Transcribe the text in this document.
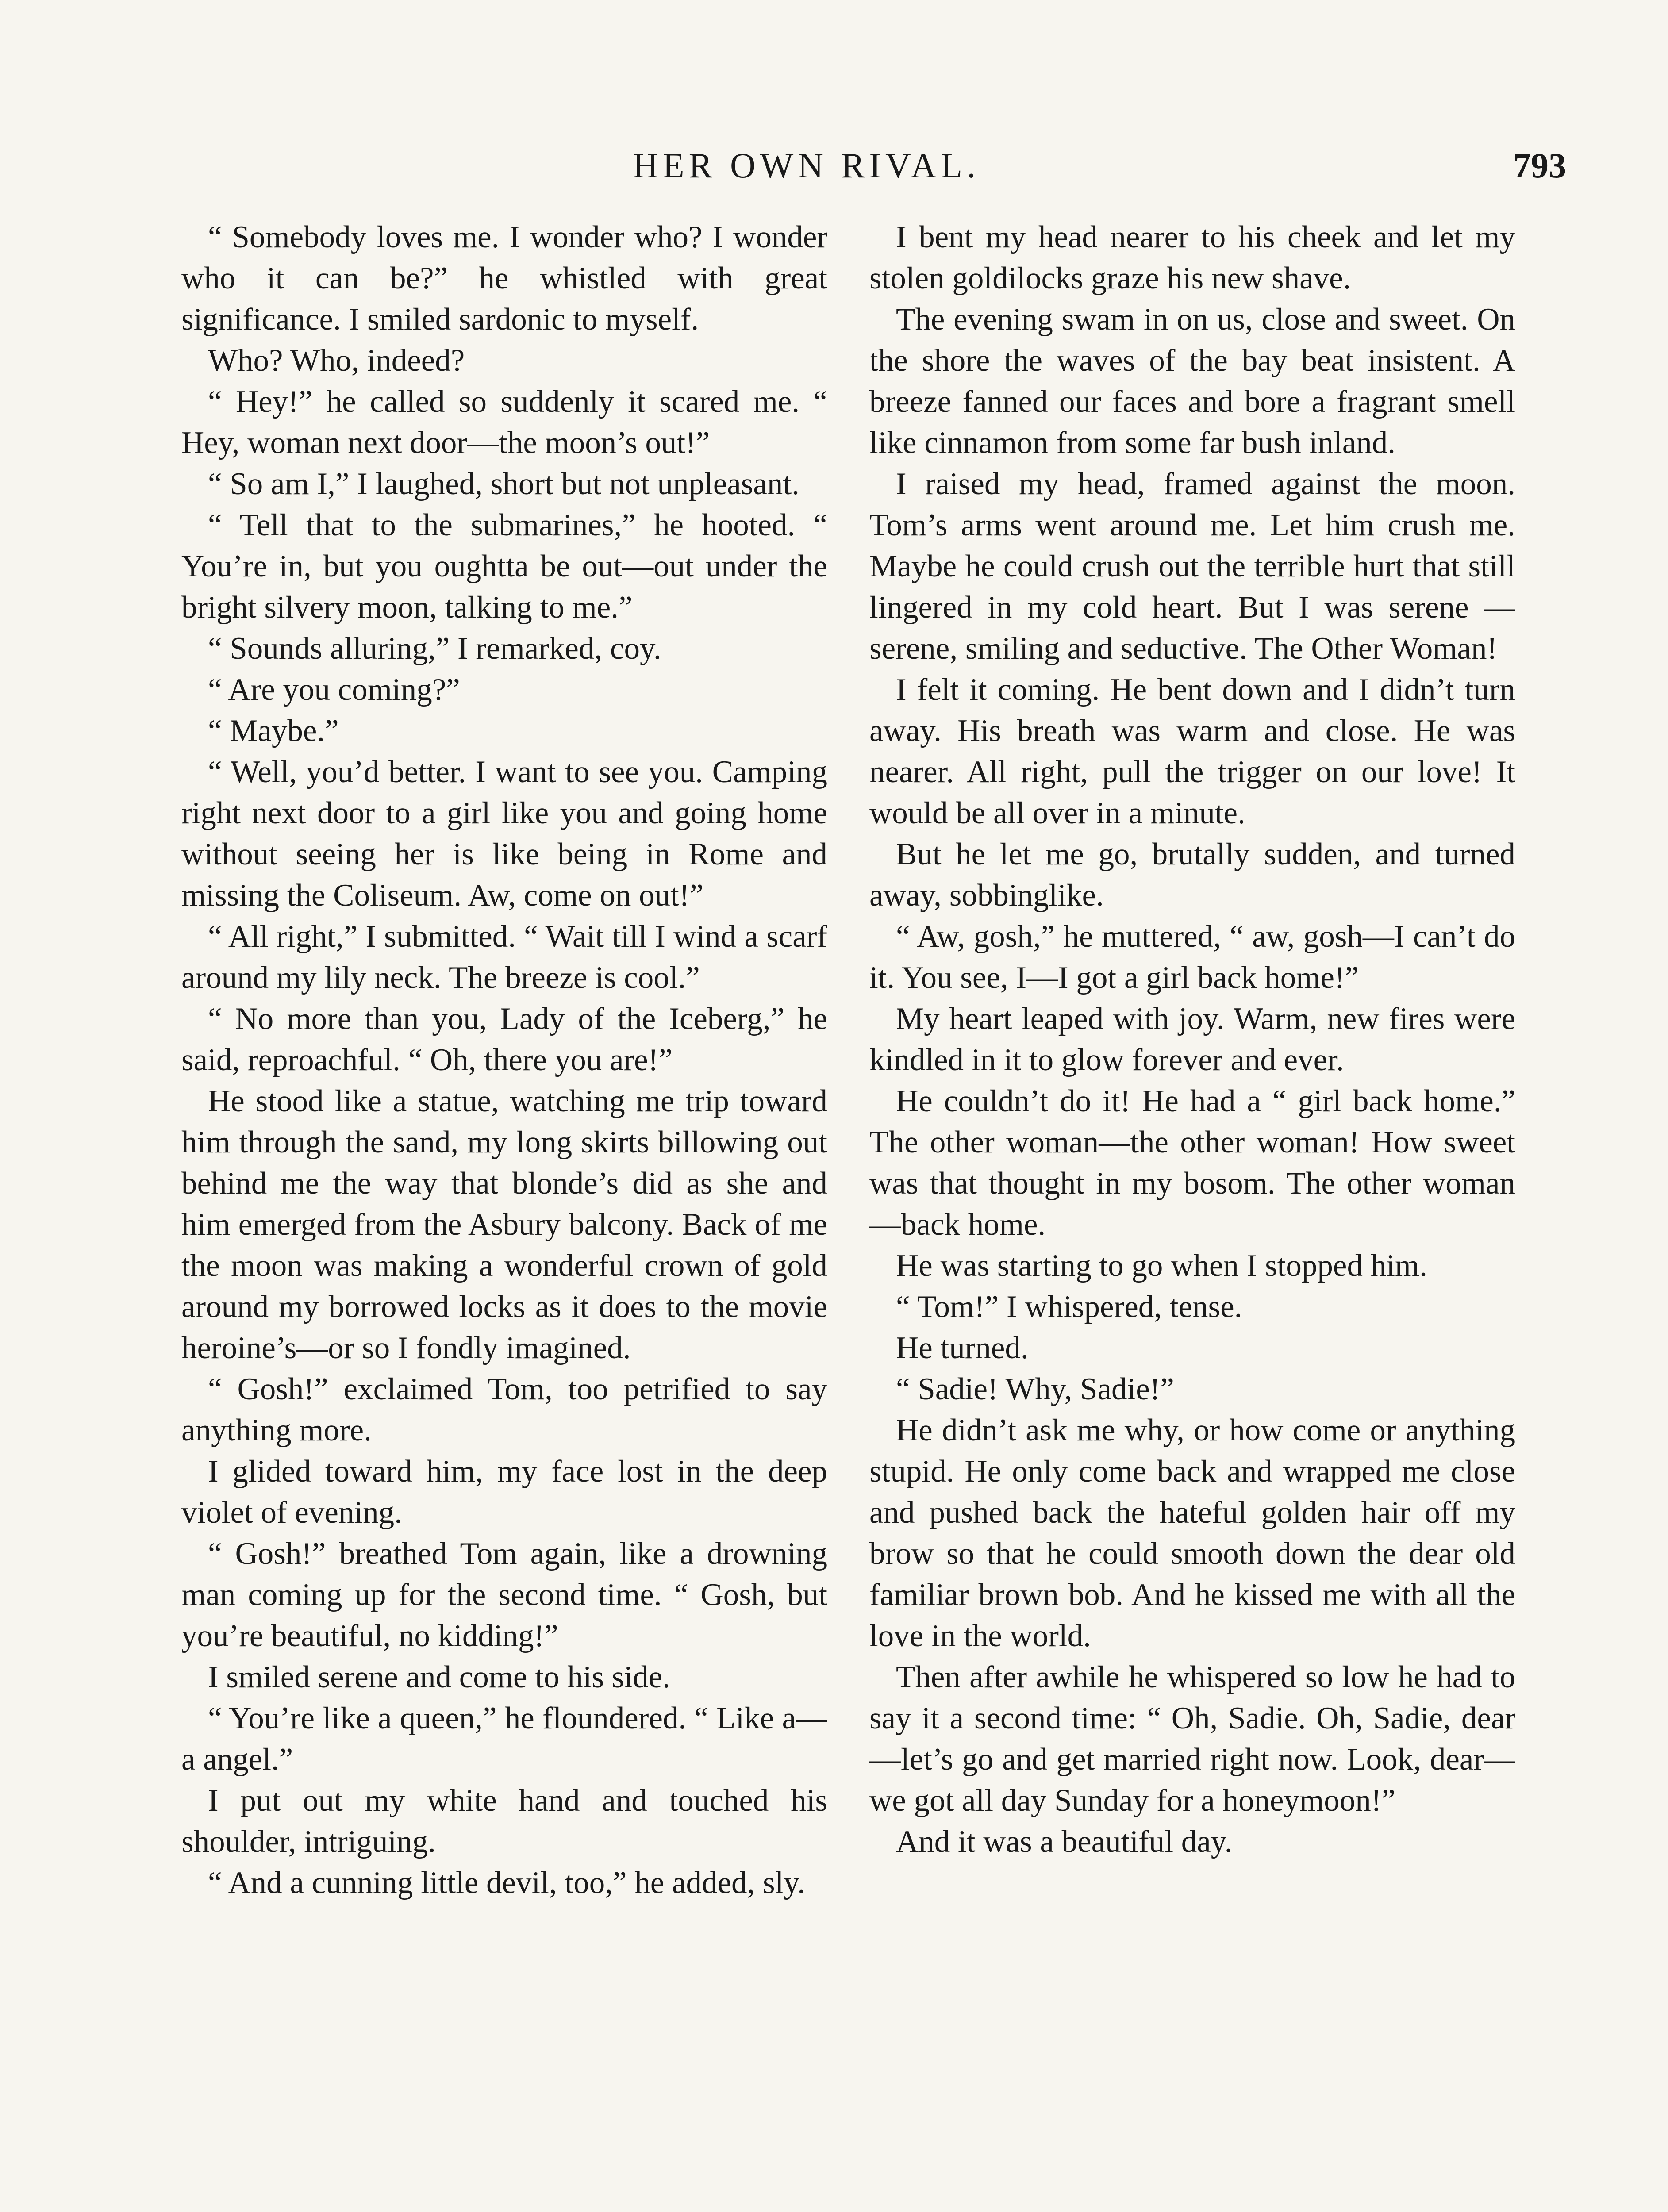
HER OWN RIVAL.	793

“ Somebody loves me. I wonder who? I wonder who it can be?” he whistled with great significance. I smiled sardonic to myself.

Who? Who, indeed?

“ Hey!” he called so suddenly it scared me. “ Hey, woman next door—the moon’s out!”

“ So am I,” I laughed, short but not unpleasant.

“ Tell that to the submarines,” he hooted. “ You’re in, but you oughtta be out—out under the bright silvery moon, talking to me.”

“ Sounds alluring,” I remarked, coy.

“ Are you coming?”

“ Maybe.”

“ Well, you’d better. I want to see you. Camping right next door to a girl like you and going home without seeing her is like being in Rome and missing the Coliseum. Aw, come on out!”

“ All right,” I submitted. “ Wait till I wind a scarf around my lily neck. The breeze is cool.”

“ No more than you, Lady of the Iceberg,” he said, reproachful. “ Oh, there you are!”

He stood like a statue, watching me trip toward him through the sand, my long skirts billowing out behind me the way that blonde’s did as she and him emerged from the Asbury balcony. Back of me the moon was making a wonderful crown of gold around my borrowed locks as it does to the movie heroine’s—or so I fondly imagined.

“ Gosh!” exclaimed Tom, too petrified to say anything more.

I glided toward him, my face lost in the deep violet of evening.

“ Gosh!” breathed Tom again, like a drowning man coming up for the second time. “ Gosh, but you’re beautiful, no kidding!”

I smiled serene and come to his side.

“ You’re like a queen,” he floundered. “ Like a—a angel.”

I put out my white hand and touched his shoulder, intriguing.

“ And a cunning little devil, too,” he added, sly.

I bent my head nearer to his cheek and let my stolen goldilocks graze his new shave.

The evening swam in on us, close and sweet. On the shore the waves of the bay beat insistent. A breeze fanned our faces and bore a fragrant smell like cinnamon from some far bush inland.

I raised my head, framed against the moon. Tom’s arms went around me. Let him crush me. Maybe he could crush out the terrible hurt that still lingered in my cold heart. But I was serene — serene, smiling and seductive. The Other Woman!

I felt it coming. He bent down and I didn’t turn away. His breath was warm and close. He was nearer. All right, pull the trigger on our love! It would be all over in a minute.

But he let me go, brutally sudden, and turned away, sobbinglike.

“ Aw, gosh,” he muttered, “ aw, gosh—I can’t do it. You see, I—I got a girl back home!”

My heart leaped with joy. Warm, new fires were kindled in it to glow forever and ever.

He couldn’t do it! He had a “ girl back home.” The other woman—the other woman! How sweet was that thought in my bosom. The other woman—back home.

He was starting to go when I stopped him.

“ Tom!” I whispered, tense.

He turned.

“ Sadie! Why, Sadie!”

He didn’t ask me why, or how come or anything stupid. He only come back and wrapped me close and pushed back the hateful golden hair off my brow so that he could smooth down the dear old familiar brown bob. And he kissed me with all the love in the world.

Then after awhile he whispered so low he had to say it a second time: “ Oh, Sadie. Oh, Sadie, dear—let’s go and get married right now. Look, dear—we got all day Sunday for a honeymoon!”

And it was a beautiful day.
